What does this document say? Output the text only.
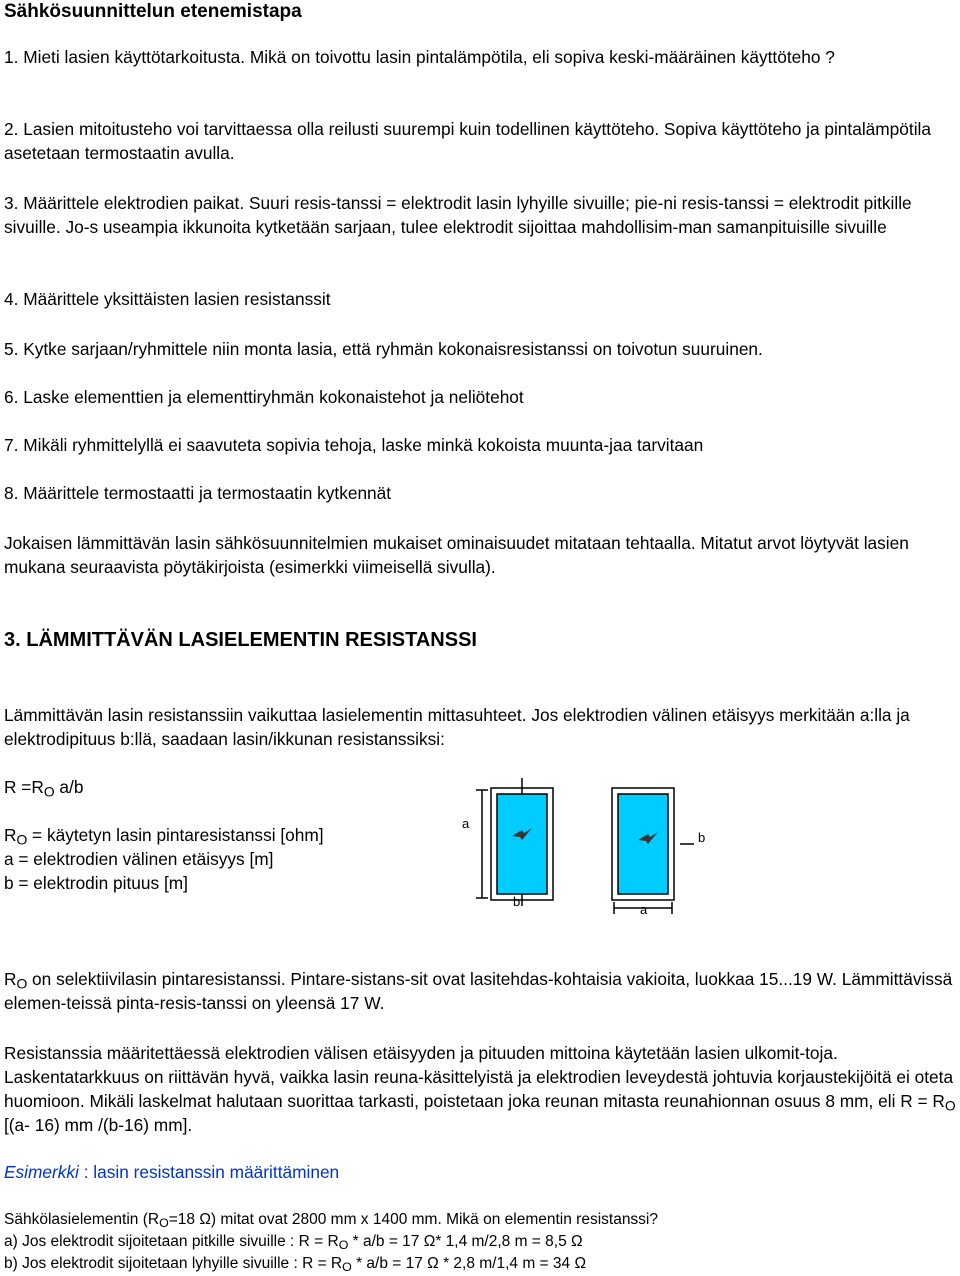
Sähkösuunnittelun etenemistapa

1. Mieti lasien käyttötarkoitusta. Mikä on toivottu lasin pintalämpötila, eli sopiva keski-määräinen käyttöteho ?

2. Lasien mitoitusteho voi tarvittaessa olla reilusti suurempi kuin todellinen käyttöteho. Sopiva käyttöteho ja pintalämpötila asetetaan termostaatin avulla.

3. Määrittele elektrodien paikat. Suuri resis-tanssi = elektrodit lasin lyhyille sivuille; pie-ni resis-tanssi = elektrodit pitkille sivuille. Jo-s useampia ikkunoita kytketään sarjaan, tulee elektrodit sijoittaa mahdollisim-man samanpituisille sivuille

4. Määrittele yksittäisten lasien resistanssit

5. Kytke sarjaan/ryhmittele niin monta lasia, että ryhmän kokonaisresistanssi on toivotun suuruinen.

6. Laske elementtien ja elementtiryhmän kokonaistehot ja neliötehot

7. Mikäli ryhmittelyllä ei saavuteta sopivia tehoja, laske minkä kokoista muunta-jaa tarvitaan

8. Määrittele termostaatti ja termostaatin kytkennät

Jokaisen lämmittävän lasin sähkösuunnitelmien mukaiset ominaisuudet mitataan tehtaalla. Mitatut arvot löytyvät lasien mukana seuraavista pöytäkirjoista (esimerkki viimeisellä sivulla).

3. LÄMMITTÄVÄN LASIELEMENTIN RESISTANSSI

Lämmittävän lasin resistanssiin vaikuttaa lasielementin mittasuhteet. Jos elektrodien välinen etäisyys merkitään a:lla ja elektrodipituus b:llä, saadaan lasin/ikkunan resistanssiksi:

$R =R_O$ a/b

$R_O$ = käytetyn lasin pintaresistanssi [ohm]

a = elektrodien välinen etäisyys [m]

b = elektrodin pituus [m]

a
b
b
a

$R_O$ on selektiivilasin pintaresistanssi. Pintare-sistans-sit ovat lasitehdas-kohtaisia vakioita, luokkaa 15...19 W. Lämmittävissä elemen-teissä pinta-resis-tanssi on yleensä 17 W.

Resistanssia määritettäessä elektrodien välisen etäisyyden ja pituuden mittoina käytetään lasien ulkomit-toja. Laskentatarkkuus on riittävän hyvä, vaikka lasin reuna-käsittelyistä ja elektrodien leveydestä johtuvia korjaustekijöitä ei oteta huomioon. Mikäli laskelmat halutaan suorittaa tarkasti, poistetaan joka reunan mitasta reunahionnan osuus 8 mm, eli $R = R_O$ [(a- 16) mm /(b-16) mm].

Esimerkki : lasin resistanssin määrittäminen

Sähkölasielementin ($R_O=18$ Ω) mitat ovat 2800 mm x 1400 mm. Mikä on elementin resistanssi?

a) Jos elektrodit sijoitetaan pitkille sivuille : $R = R_O * a/b = 17$ Ω* 1,4 m/2,8 m = 8,5 Ω

b) Jos elektrodit sijoitetaan lyhyille sivuille : $R = R_O * a/b = 17$ Ω * 2,8 m/1,4 m = 34 Ω
